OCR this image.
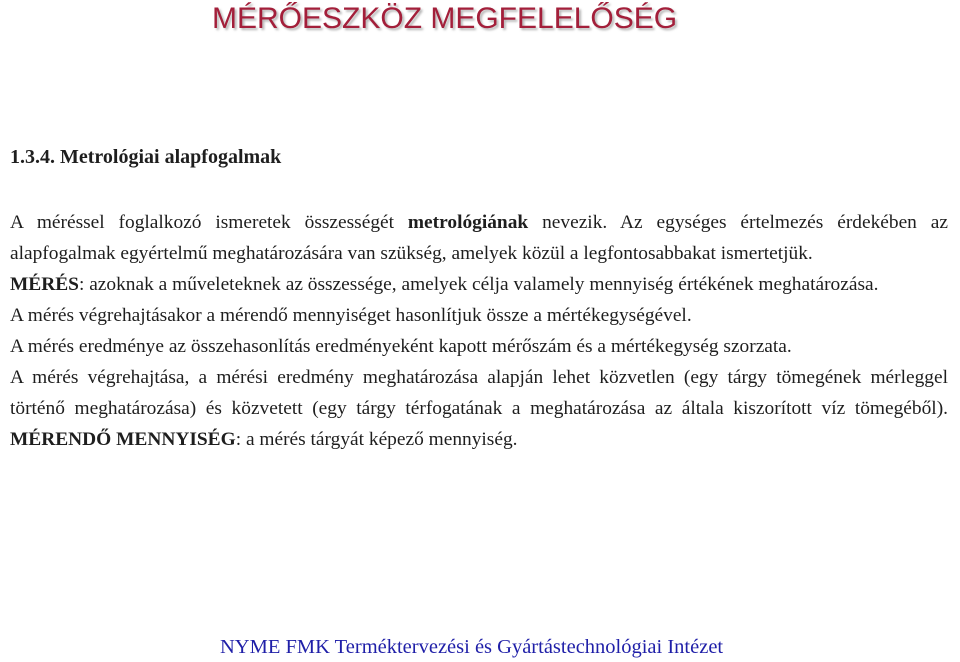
MÉRŐESZKÖZ MEGFELELŐSÉG
1.3.4. Metrológiai alapfogalmak
A méréssel foglalkozó ismeretek összességét metrológiának nevezik. Az egységes értelmezés érdekében az
alapfogalmak egyértelmű meghatározására van szükség, amelyek közül a legfontosabbakat ismertetjük.
MÉRÉS: azoknak a műveleteknek az összessége, amelyek célja valamely mennyiség értékének meghatározása.
A mérés végrehajtásakor a mérendő mennyiséget hasonlítjuk össze a mértékegységével.
A mérés eredménye az összehasonlítás eredményeként kapott mérőszám és a mértékegység szorzata.
A mérés végrehajtása, a mérési eredmény meghatározása alapján lehet közvetlen (egy tárgy tömegének mérleggel
történő meghatározása) és közvetett (egy tárgy térfogatának a meghatározása az általa kiszorított víz tömegéből).
MÉRENDŐ MENNYISÉG: a mérés tárgyát képező mennyiség.
NYME FMK Terméktervezési és Gyártástechnológiai Intézet
